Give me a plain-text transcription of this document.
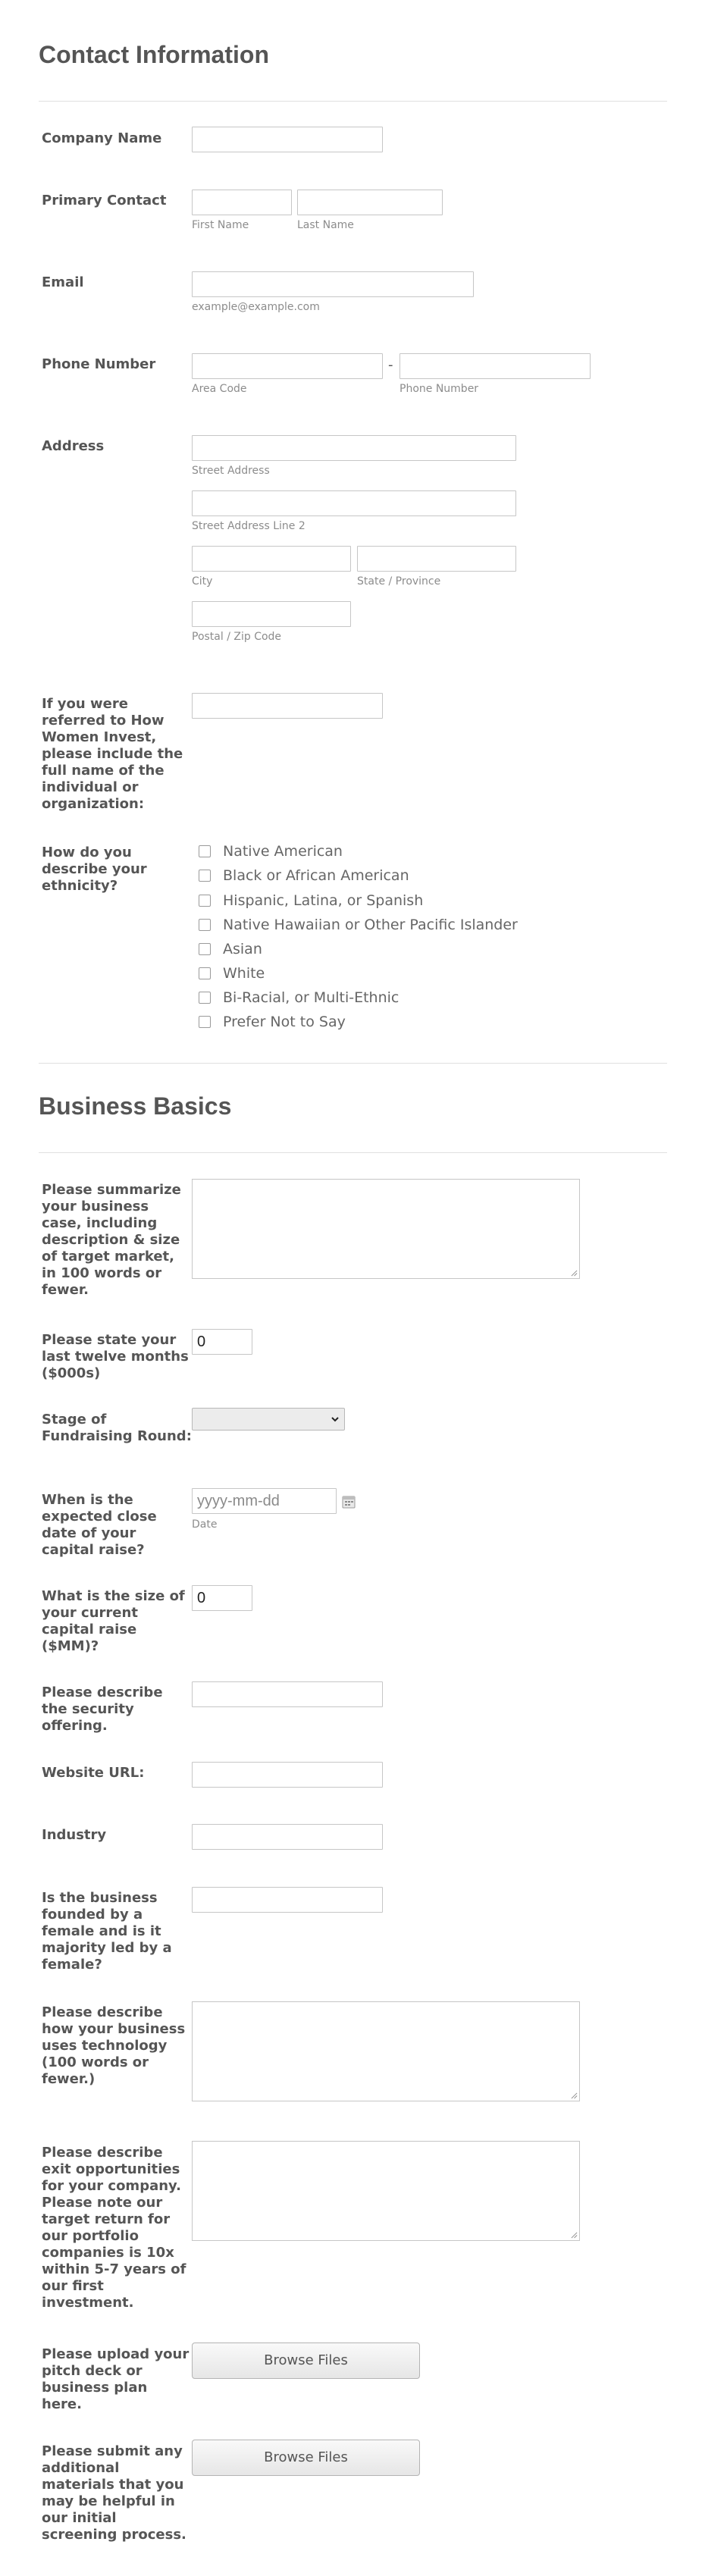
Contact Information
Company Name
Primary Contact
First Name	Last Name
Email
example@example.com
Phone Number	-
Area Code	Phone Number
Address
Street Address
Street Address Line 2
City	State / Province
Postal / Zip Code
If you were referred to How Women Invest, please include the full name of the individual or organization:
How do you describe your ethnicity?
Native American
Black or African American
Hispanic, Latina, or Spanish
Native Hawaiian or Other Pacific Islander
Asian
White
Bi-Racial, or Multi-Ethnic
Prefer Not to Say
Business Basics
Please summarize your business case, including description & size of target market, in 100 words or fewer.
Please state your last twelve months ($000s)
0
Stage of Fundraising Round:
When is the expected close date of your capital raise?
yyyy-mm-dd
Date
What is the size of your current capital raise ($MM)?
0
Please describe the security offering.
Website URL:
Industry
Is the business founded by a female and is it majority led by a female?
Please describe how your business uses technology (100 words or fewer.)
Please describe exit opportunities for your company. Please note our target return for our portfolio companies is 10x within 5-7 years of our first investment.
Please upload your pitch deck or business plan here.
Browse Files
Please submit any additional materials that you may be helpful in our initial screening process.
Browse Files
